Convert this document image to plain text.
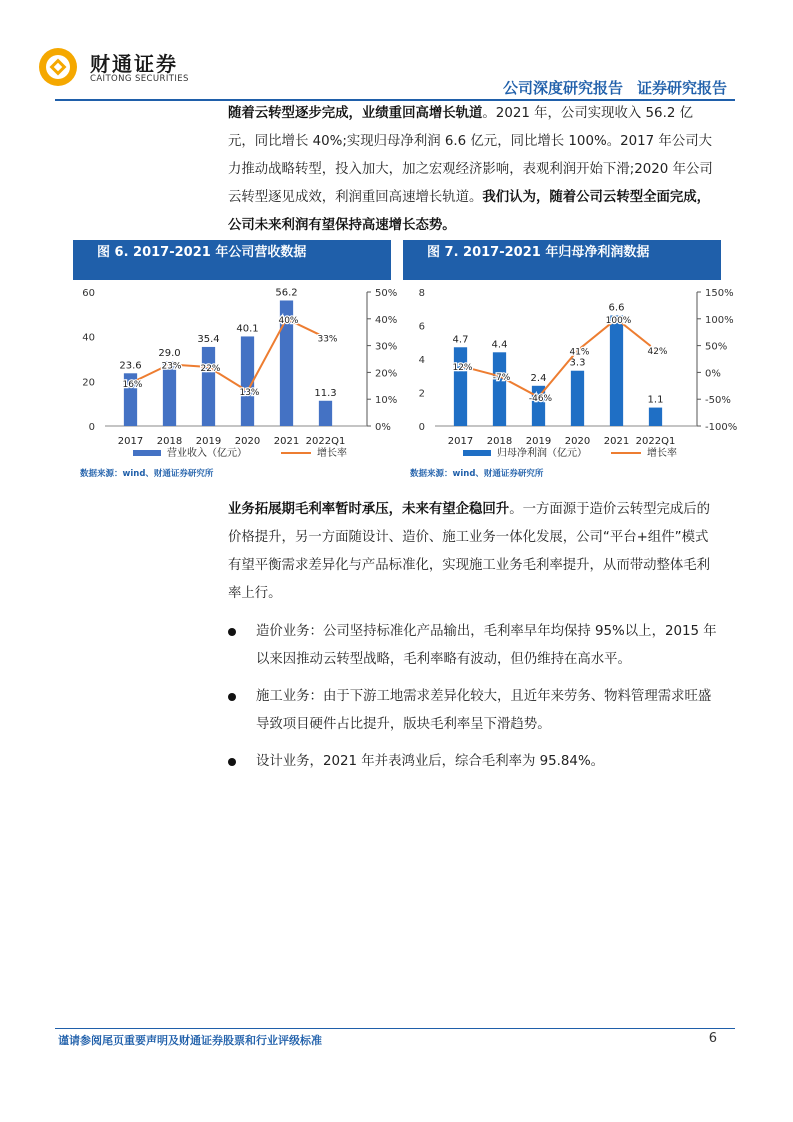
财通证券
CAITONG SECURITIES	公司深度研究报告 证券研究报告
随着云转型逐步完成，业绩重回高增长轨道。2021 年，公司实现收入 56.2 亿元，同比增长 40%;实现归母净利润 6.6 亿元，同比增长 100%。2017 年公司大力推动战略转型，投入加大，加之宏观经济影响，表观利润开始下滑;2020 年公司云转型逐见成效，利润重回高速增长轨道。我们认为，随着公司云转型全面完成，公司未来利润有望保持高速增长态势。
图 6. 2017-2021 年公司营收数据
0
20
40
60
0%
10%
20%
30%
40%
50%
23.6
2017
29.0
2018
35.4
2019
40.1
2020
56.2
2021
11.3
2022Q1
16%
23% 22%
13%
40%
33%
营业收入（亿元）	增长率
数据来源：wind、财通证券研究所
图 7. 2017-2021 年归母净利润数据
0
2
4
6
8
-100%
-50%
0%
50%
100%
150%
4.7
2017
4.4
2018
2.4
2019
3.3
2020
6.6
2021
1.1
2022Q1
12%
-7%
-46%
41%
100%
42%
归母净利润（亿元）	增长率
数据来源：wind、财通证券研究所
业务拓展期毛利率暂时承压，未来有望企稳回升。一方面源于造价云转型完成后的价格提升，另一方面随设计、造价、施工业务一体化发展，公司“平台+组件”模式有望平衡需求差异化与产品标准化，实现施工业务毛利率提升，从而带动整体毛利率上行。
造价业务：公司坚持标准化产品输出，毛利率早年均保持 95%以上，2015 年以来因推动云转型战略，毛利率略有波动，但仍维持在高水平。
施工业务：由于下游工地需求差异化较大，且近年来劳务、物料管理需求旺盛导致项目硬件占比提升，版块毛利率呈下滑趋势。
设计业务，2021 年并表鸿业后，综合毛利率为 95.84%。
谨请参阅尾页重要声明及财通证券股票和行业评级标准	6
